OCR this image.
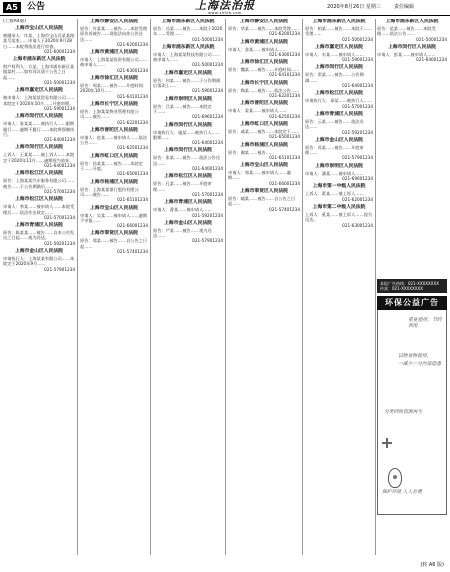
A5	公告	上海法治报
www.shfzb.com
2020年8月26日 星期三	责任编辑
(上接A4版)
上海市宝山区人民法院
被继承人：许某，上海市宝山区某某路某号某室……申请人于2020年9月28日……本院将依法进行审查。
021-60001234
上海市浦东新区人民法院
财产权利人：方某，上海市浦东新区某镇某村……如有异议请于公告之日起……
021-50001234
上海市嘉定区人民法院
被申请人：上海某某贸易有限公司……本院定于2020年10月……开庭审理。
021-59001234
上海市闵行区人民法院
申请人：张某某……被执行人……限期履行……逾期不履行……本院将强制执行。
021-64001234
上海市闵行区人民法院
上诉人：王某某……被上诉人……本院定于2020年11月……逾期视为放弃。
021-64001234
上海市松江区人民法院
原告：上海某某汽车服务有限公司……被告……于公告期满后……
021-57001234
上海市松江区人民法院
申请人：李某……被申请人……本院受理后……依法作出裁定……
021-57001234
上海市青浦区人民法院
原告：陈某某……被告……自本公告发出之日起……视为送达。
021-59201234
上海市金山区人民法院
申请执行人：上海某某有限公司……本院定于2020年9月……
021-57901234
上海市静安区人民法院
原告：许某某……被告……本院受理原告诉被告……现依法向你公告送达……
021-62001234
上海市黄浦区人民法院
申请人：上海某某投资有限公司……被申请人……
021-63001234
上海市徐汇区人民法院
原告：周某……被告……开庭时间：2020年10月……
021-64101234
上海市长宁区人民法院
原告：上海某某物业管理有限公司……被告……
021-62201234
上海市普陀区人民法院
申请人：赵某……被申请人……依法公告……
021-62501234
上海市虹口区人民法院
原告：孙某某……被告……本院定于……开庭。
021-65001234
上海市杨浦区人民法院
原告：上海某某银行股份有限公司……被告……
021-65101234
上海市宝山区人民法院
申请人：吴某……被申请人……逾期不申报……
021-66001234
上海市奉贤区人民法院
原告：郑某……被告……自公告之日起……
021-57401234
上海市浦东新区人民法院
原告：冯某……被告……本院于2020年……受理……
021-50001234
上海市浦东新区人民法院
申请人：上海某某科技有限公司……被申请人……
021-50001234
上海市嘉定区人民法院
原告：何某……被告……于公告期满后第3日……
021-59001234
上海市崇明区人民法院
原告：吕某……被告……本院定于……
021-69601234
上海市闵行区人民法院
申请执行人：施某……被执行人……限期……
021-64001234
上海市闵行区人民法院
原告：张某……被告……依法公告送达……
021-64001234
上海市松江区人民法院
原告：孔某……被告……开庭审理……
021-57001234
上海市青浦区人民法院
申请人：曹某……被申请人……
021-59201234
上海市金山区人民法院
原告：严某……被告……视为送达……
021-57901234
上海市静安区人民法院
原告：华某……被告……本院受理……
021-62001234
上海市黄浦区人民法院
申请人：金某……被申请人……
021-63001234
上海市徐汇区人民法院
原告：魏某……被告……开庭时间……
021-64101234
上海市长宁区人民法院
原告：陶某……被告……依法公告……
021-62201234
上海市普陀区人民法院
申请人：姜某……被申请人……
021-62501234
上海市虹口区人民法院
原告：戚某……被告……本院定于……
021-65001234
上海市杨浦区人民法院
原告：谢某……被告……
021-65101234
上海市宝山区人民法院
申请人：邹某……被申请人……逾期……
021-66001234
上海市奉贤区人民法院
原告：喻某……被告……自公告之日起……
021-57401234
上海市浦东新区人民法院
原告：柏某……被告……本院于……受理……
021-50001234
上海市嘉定区人民法院
申请人：水某……被申请人……
021-59001234
上海市闵行区人民法院
原告：窦某……被告……公告期满……
021-64001234
上海市松江区人民法院
申请执行人：章某……被执行人……
021-57001234
上海市青浦区人民法院
原告：云某……被告……依法送达……
021-59201234
上海市金山区人民法院
原告：苏某……被告……开庭审理……
021-57901234
上海市崇明区人民法院
申请人：潘某……被申请人……
021-69601234
上海市第一中级人民法院
上诉人：葛某……被上诉人……
021-62001234
上海市第二中级人民法院
上诉人：奚某……被上诉人……视为送达。
021-63001234
上海市浦东新区人民法院
原告：范某……被告……本院受理……依法公告……
021-50001234
上海市闵行区人民法院
申请人：彭某……被申请人……
021-64001234
本报广告热线：021-XXXXXXXX 传真：021-XXXXXXXX
环保公益广告
重复使用，节约利用
以物易物使用，
一减少一分污染隐患
分类回收资源再生
保护环境 人人有责
(转 A6 版)
